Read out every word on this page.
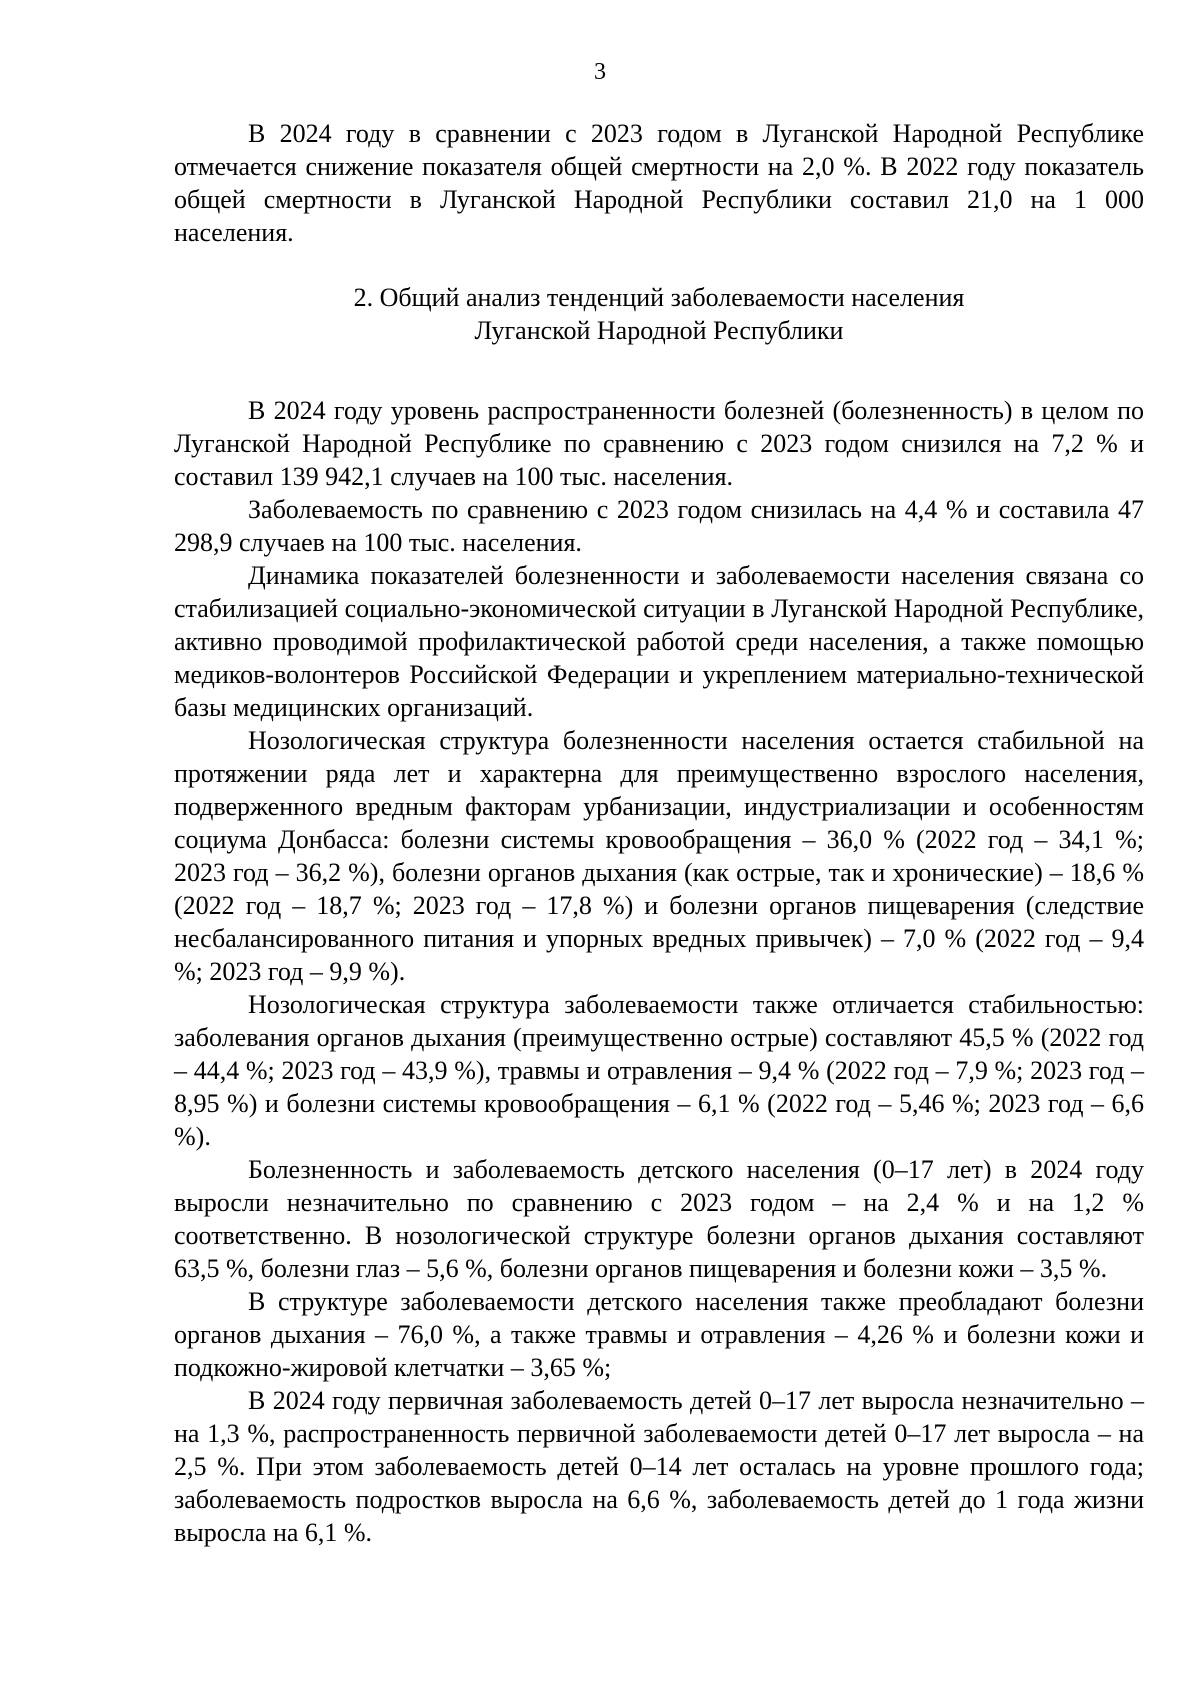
3

В 2024 году в сравнении с 2023 годом в Луганской Народной Республике отмечается снижение показателя общей смертности на 2,0 %. В 2022 году показатель общей смертности в Луганской Народной Республики составил 21,0 на 1 000 населения.

2. Общий анализ тенденций заболеваемости населения
Луганской Народной Республики

В 2024 году уровень распространенности болезней (болезненность) в целом по Луганской Народной Республике по сравнению с 2023 годом снизился на 7,2 % и составил 139 942,1 случаев на 100 тыс. населения.

Заболеваемость по сравнению с 2023 годом снизилась на 4,4 % и составила 47 298,9 случаев на 100 тыс. населения.

Динамика показателей болезненности и заболеваемости населения связана со стабилизацией социально-экономической ситуации в Луганской Народной Республике, активно проводимой профилактической работой среди населения, а также помощью медиков-волонтеров Российской Федерации и укреплением материально-технической базы медицинских организаций.

Нозологическая структура болезненности населения остается стабильной на протяжении ряда лет и характерна для преимущественно взрослого населения, подверженного вредным факторам урбанизации, индустриализации и особенностям социума Донбасса: болезни системы кровообращения – 36,0 % (2022 год – 34,1 %; 2023 год – 36,2 %), болезни органов дыхания (как острые, так и хронические) – 18,6 % (2022 год – 18,7 %; 2023 год – 17,8 %) и болезни органов пищеварения (следствие несбалансированного питания и упорных вредных привычек) – 7,0 % (2022 год – 9,4 %; 2023 год – 9,9 %).

Нозологическая структура заболеваемости также отличается стабильностью: заболевания органов дыхания (преимущественно острые) составляют 45,5 % (2022 год – 44,4 %; 2023 год – 43,9 %), травмы и отравления – 9,4 % (2022 год – 7,9 %; 2023 год – 8,95 %) и болезни системы кровообращения – 6,1 % (2022 год – 5,46 %; 2023 год – 6,6 %).

Болезненность и заболеваемость детского населения (0–17 лет) в 2024 году выросли незначительно по сравнению с 2023 годом – на 2,4 % и на 1,2 % соответственно. В нозологической структуре болезни органов дыхания составляют 63,5 %, болезни глаз – 5,6 %, болезни органов пищеварения и болезни кожи – 3,5 %.

В структуре заболеваемости детского населения также преобладают болезни органов дыхания – 76,0 %, а также травмы и отравления – 4,26 % и болезни кожи и подкожно-жировой клетчатки – 3,65 %;

В 2024 году первичная заболеваемость детей 0–17 лет выросла незначительно – на 1,3 %, распространенность первичной заболеваемости детей 0–17 лет выросла – на 2,5 %. При этом заболеваемость детей 0–14 лет осталась на уровне прошлого года; заболеваемость подростков выросла на 6,6 %, заболеваемость детей до 1 года жизни выросла на 6,1 %.
